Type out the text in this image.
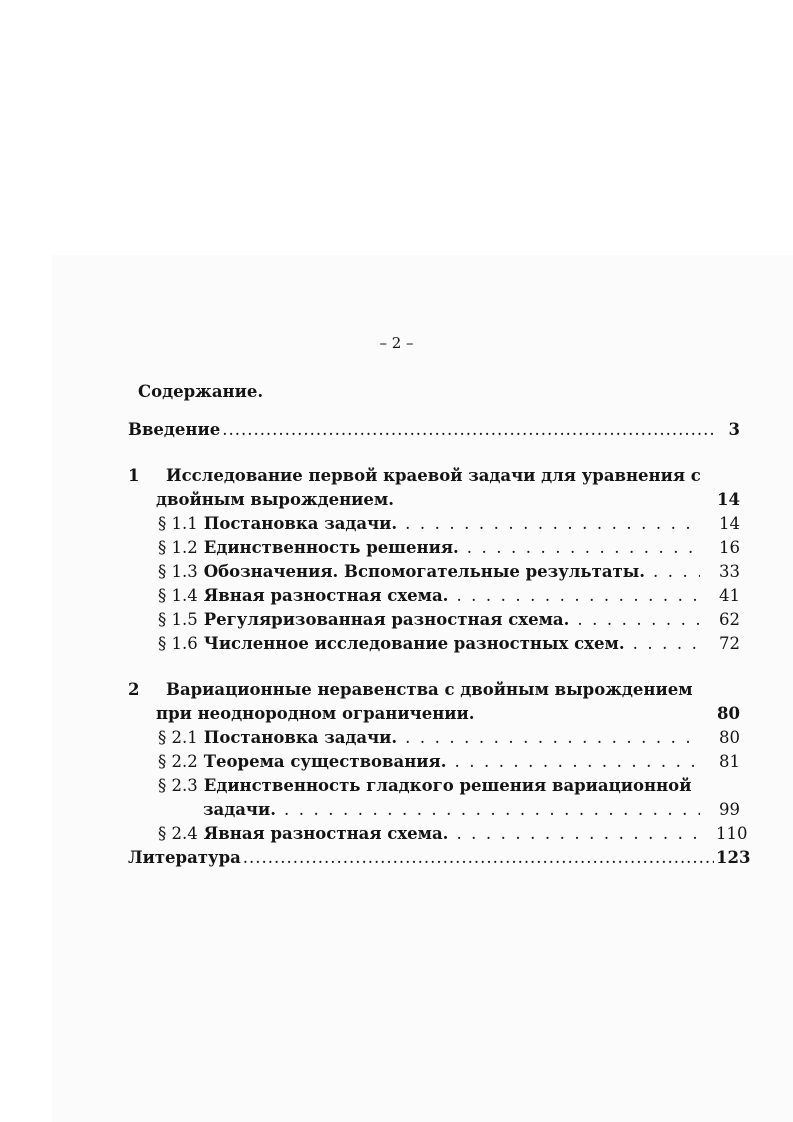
– 2 –
Содержание.
Введение .....	3
1	Исследование первой краевой задачи для уравнения с
двойным вырождением.	14
§ 1.1 Постановка задачи. .....	14
§ 1.2 Единственность решения. .....	16
§ 1.3 Обозначения. Вспомогательные результаты. .....	33
§ 1.4 Явная разностная схема. .....	41
§ 1.5 Регуляризованная разностная схема. .....	62
§ 1.6 Численное исследование разностных схем. .....	72
2	Вариационные неравенства с двойным вырождением
при неоднородном ограничении.	80
§ 2.1 Постановка задачи. .....	80
§ 2.2 Теорема существования. .....	81
§ 2.3 Единственность гладкого решения вариационной
задачи. .....	99
§ 2.4 Явная разностная схема. .....	110
Литература .....	123
